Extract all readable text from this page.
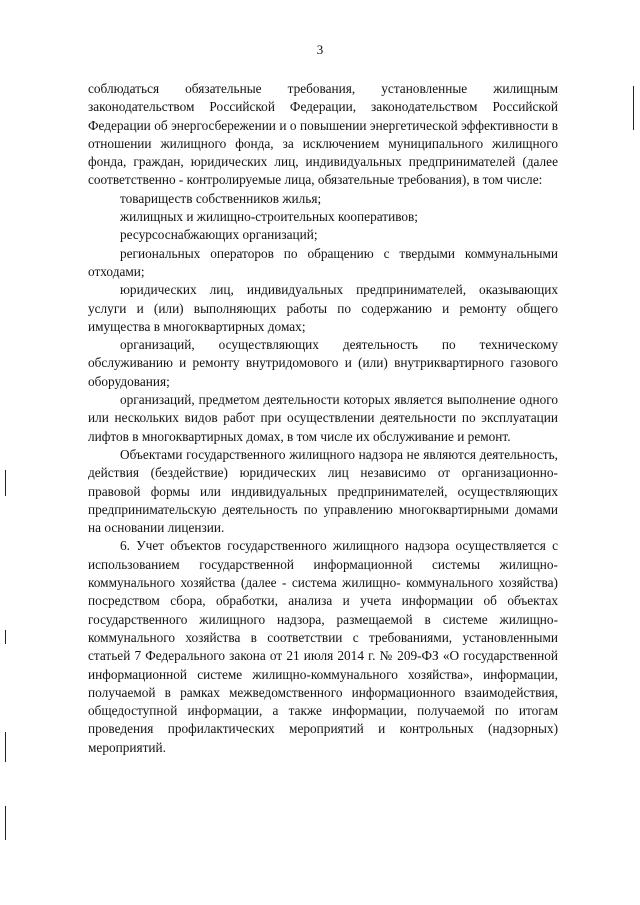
3

соблюдаться обязательные требования, установленные жилищным законодательством Российской Федерации, законодательством Российской Федерации об энергосбережении и о повышении энергетической эффективности в отношении жилищного фонда, за исключением муниципального жилищного фонда, граждан, юридических лиц, индивидуальных предпринимателей (далее соответственно - контролируемые лица, обязательные требования), в том числе:

товариществ собственников жилья;

жилищных и жилищно-строительных кооперативов;

ресурсоснабжающих организаций;

региональных операторов по обращению с твердыми коммунальными отходами;

юридических лиц, индивидуальных предпринимателей, оказывающих услуги и (или) выполняющих работы по содержанию и ремонту общего имущества в многоквартирных домах;

организаций, осуществляющих деятельность по техническому обслуживанию и ремонту внутридомового и (или) внутриквартирного газового оборудования;

организаций, предметом деятельности которых является выполнение одного или нескольких видов работ при осуществлении деятельности по эксплуатации лифтов в многоквартирных домах, в том числе их обслуживание и ремонт.

Объектами государственного жилищного надзора не являются деятельность, действия (бездействие) юридических лиц независимо от организационно-правовой формы или индивидуальных предпринимателей, осуществляющих предпринимательскую деятельность по управлению многоквартирными домами на основании лицензии.

6. Учет объектов государственного жилищного надзора осуществляется с использованием государственной информационной системы жилищно-коммунального хозяйства (далее - система жилищно- коммунального хозяйства) посредством сбора, обработки, анализа и учета информации об объектах государственного жилищного надзора, размещаемой в системе жилищно-коммунального хозяйства в соответствии с требованиями, установленными статьей 7 Федерального закона от 21 июля 2014 г. № 209-ФЗ «О государственной информационной системе жилищно-коммунального хозяйства», информации, получаемой в рамках межведомственного информационного взаимодействия, общедоступной информации, а также информации, получаемой по итогам проведения профилактических мероприятий и контрольных (надзорных) мероприятий.
